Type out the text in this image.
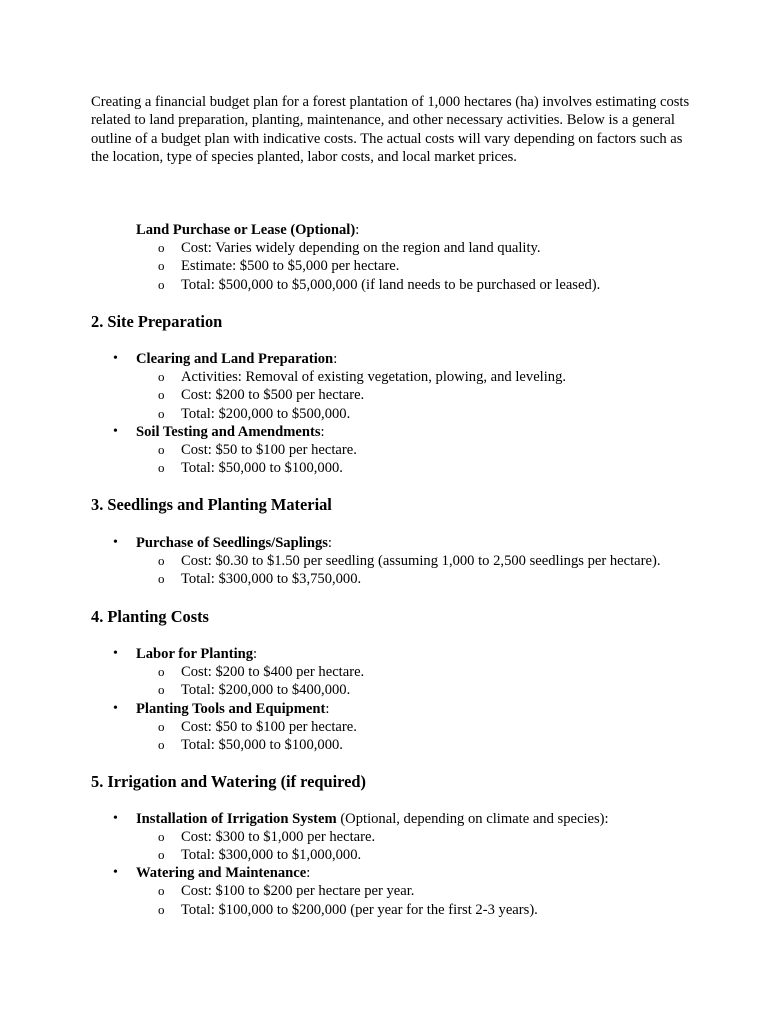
Creating a financial budget plan for a forest plantation of 1,000 hectares (ha) involves estimating costs related to land preparation, planting, maintenance, and other necessary activities. Below is a general outline of a budget plan with indicative costs. The actual costs will vary depending on factors such as the location, type of species planted, labor costs, and local market prices.

Land Purchase or Lease (Optional):
o Cost: Varies widely depending on the region and land quality.
o Estimate: $500 to $5,000 per hectare.
o Total: $500,000 to $5,000,000 (if land needs to be purchased or leased).
2. Site Preparation
• Clearing and Land Preparation:
o Activities: Removal of existing vegetation, plowing, and leveling.
o Cost: $200 to $500 per hectare.
o Total: $200,000 to $500,000.
• Soil Testing and Amendments:
o Cost: $50 to $100 per hectare.
o Total: $50,000 to $100,000.
3. Seedlings and Planting Material
• Purchase of Seedlings/Saplings:
o Cost: $0.30 to $1.50 per seedling (assuming 1,000 to 2,500 seedlings per hectare).
o Total: $300,000 to $3,750,000.
4. Planting Costs
• Labor for Planting:
o Cost: $200 to $400 per hectare.
o Total: $200,000 to $400,000.
• Planting Tools and Equipment:
o Cost: $50 to $100 per hectare.
o Total: $50,000 to $100,000.
5. Irrigation and Watering (if required)
• Installation of Irrigation System (Optional, depending on climate and species):
o Cost: $300 to $1,000 per hectare.
o Total: $300,000 to $1,000,000.
• Watering and Maintenance:
o Cost: $100 to $200 per hectare per year.
o Total: $100,000 to $200,000 (per year for the first 2-3 years).
